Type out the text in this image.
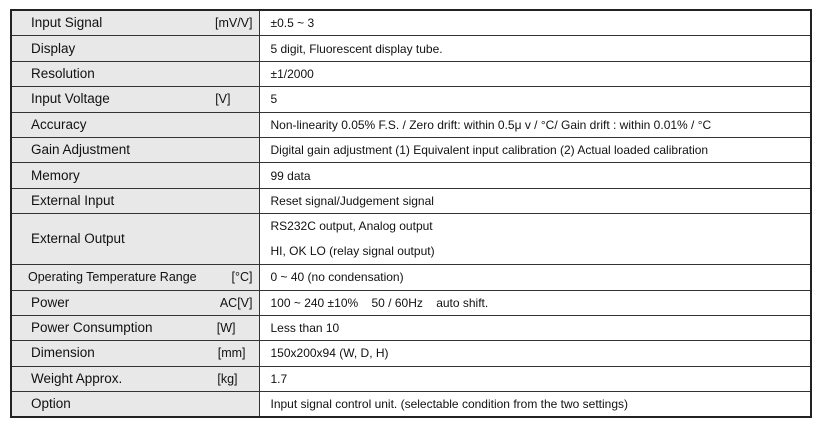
Input Signal [mV/V]	±0.5 ~ 3

Display	5 digit, Fluorescent display tube.

Resolution	±1/2000

Input Voltage [V]	5

Accuracy	Non-linearity 0.05% F.S. / Zero drift: within 0.5μ v / °C/ Gain drift : within 0.01% / °C

Gain Adjustment	Digital gain adjustment (1) Equivalent input calibration (2) Actual loaded calibration

Memory	99 data

External Input	Reset signal/Judgement signal

External Output	RS232C output, Analog output
HI, OK LO (relay signal output)

Operating Temperature Range [°C]	0 ~ 40 (no condensation)

Power AC[V]	100 ~ 240 ±10%    50 / 60Hz    auto shift.

Power Consumption [W]	Less than 10

Dimension [mm]	150x200x94 (W, D, H)

Weight Approx. [kg]	1.7

Option	Input signal control unit. (selectable condition from the two settings)
